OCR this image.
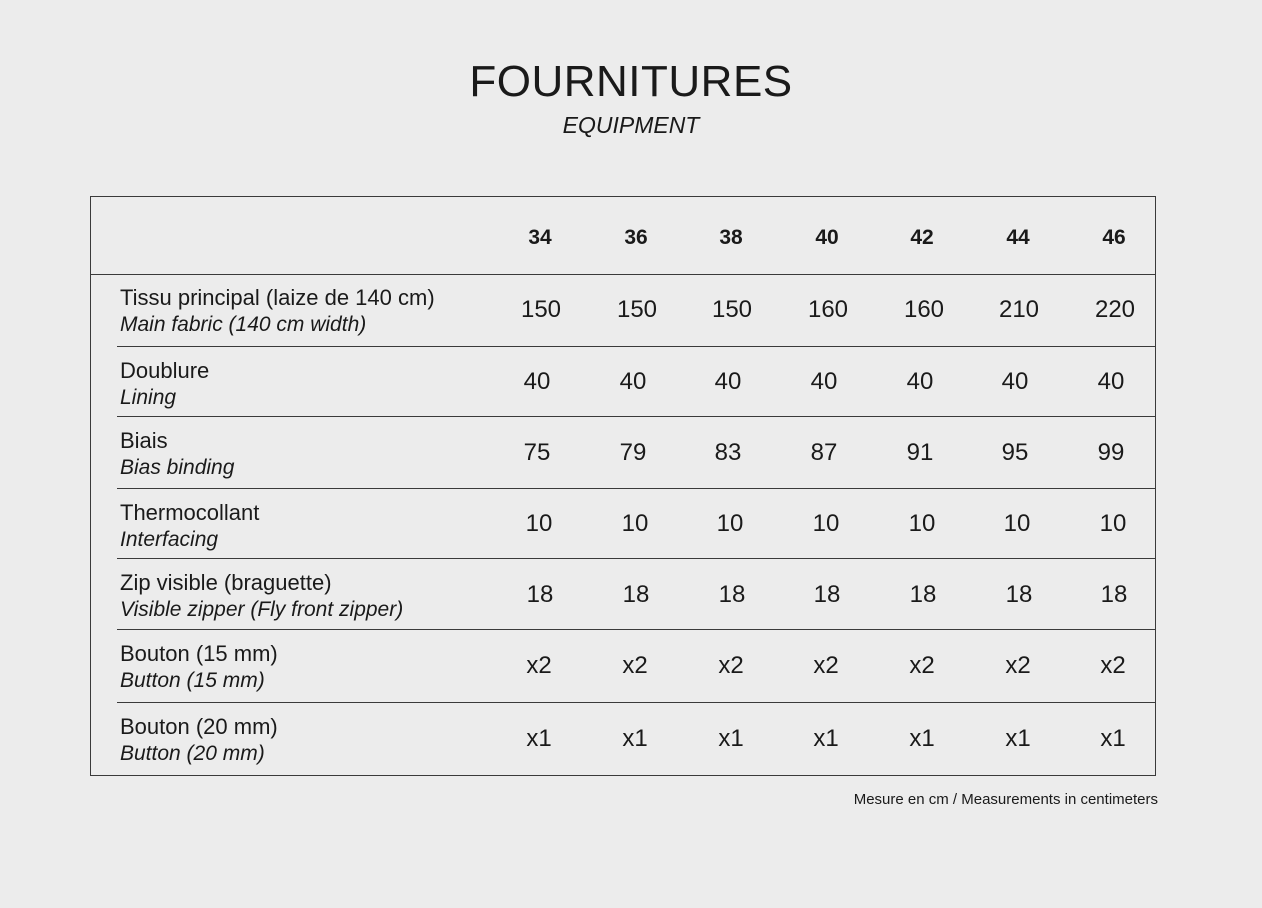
FOURNITURES
EQUIPMENT
34	36	38	40	42	44	46
Tissu principal (laize de 140 cm)
Main fabric (140 cm width)
150	150	150	160	160	210	220
Doublure
Lining
40	40	40	40	40	40	40
Biais
Bias binding
75	79	83	87	91	95	99
Thermocollant
Interfacing
10	10	10	10	10	10	10
Zip visible (braguette)
Visible zipper (Fly front zipper)
18	18	18	18	18	18	18
Bouton (15 mm)
Button (15 mm)
x2	x2	x2	x2	x2	x2	x2
Bouton (20 mm)
Button (20 mm)
x1	x1	x1	x1	x1	x1	x1
Mesure en cm / Measurements in centimeters
